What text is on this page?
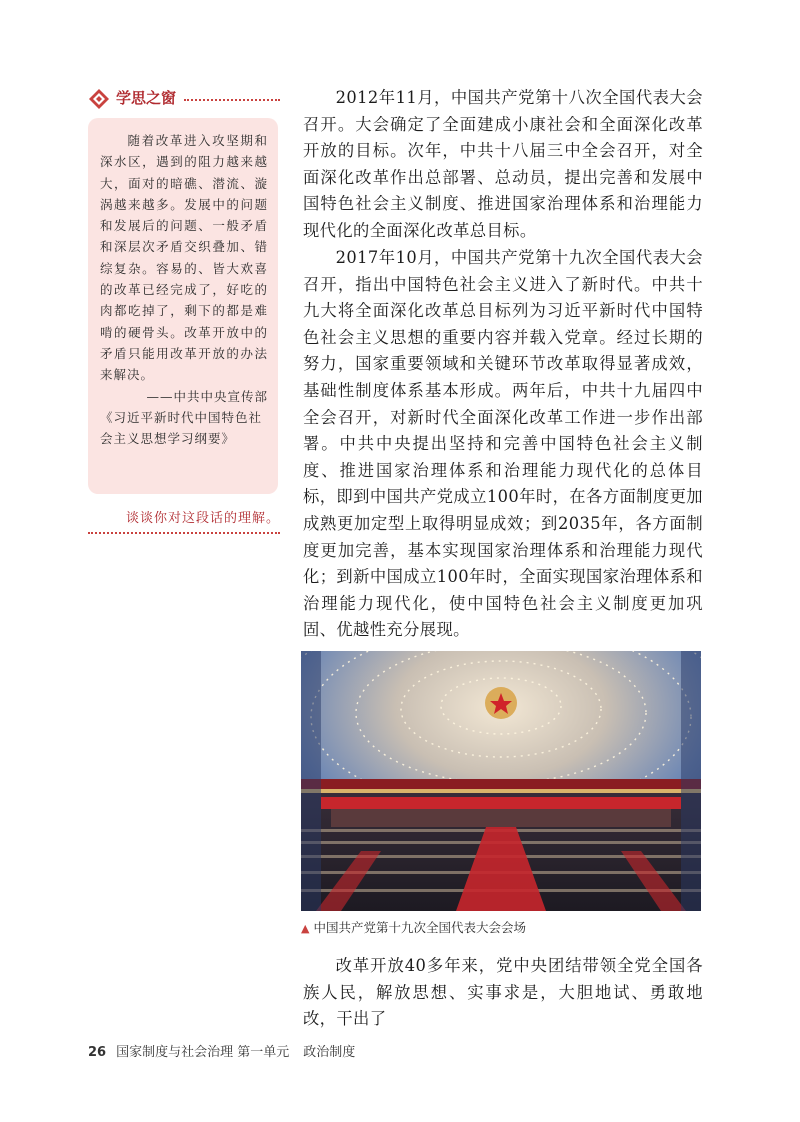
学思之窗

随着改革进入攻坚期和深水区，遇到的阻力越来越大，面对的暗礁、潜流、漩涡越来越多。发展中的问题和发展后的问题、一般矛盾和深层次矛盾交织叠加、错综复杂。容易的、皆大欢喜的改革已经完成了，好吃的肉都吃掉了，剩下的都是难啃的硬骨头。改革开放中的矛盾只能用改革开放的办法来解决。

——中共中央宣传部

《习近平新时代中国特色社会主义思想学习纲要》

谈谈你对这段话的理解。

2012年11月，中国共产党第十八次全国代表大会召开。大会确定了全面建成小康社会和全面深化改革开放的目标。次年，中共十八届三中全会召开，对全面深化改革作出总部署、总动员，提出完善和发展中国特色社会主义制度、推进国家治理体系和治理能力现代化的全面深化改革总目标。

2017年10月，中国共产党第十九次全国代表大会召开，指出中国特色社会主义进入了新时代。中共十九大将全面深化改革总目标列为习近平新时代中国特色社会主义思想的重要内容并载入党章。经过长期的努力，国家重要领域和关键环节改革取得显著成效，基础性制度体系基本形成。两年后，中共十九届四中全会召开，对新时代全面深化改革工作进一步作出部署。中共中央提出坚持和完善中国特色社会主义制度、推进国家治理体系和治理能力现代化的总体目标，即到中国共产党成立100年时，在各方面制度更加成熟更加定型上取得明显成效；到2035年，各方面制度更加完善，基本实现国家治理体系和治理能力现代化；到新中国成立100年时，全面实现国家治理体系和治理能力现代化，使中国特色社会主义制度更加巩固、优越性充分展现。

▲ 中国共产党第十九次全国代表大会会场

改革开放40多年来，党中央团结带领全党全国各族人民，解放思想、实事求是，大胆地试、勇敢地改，干出了

26 国家制度与社会治理 第一单元 政治制度
